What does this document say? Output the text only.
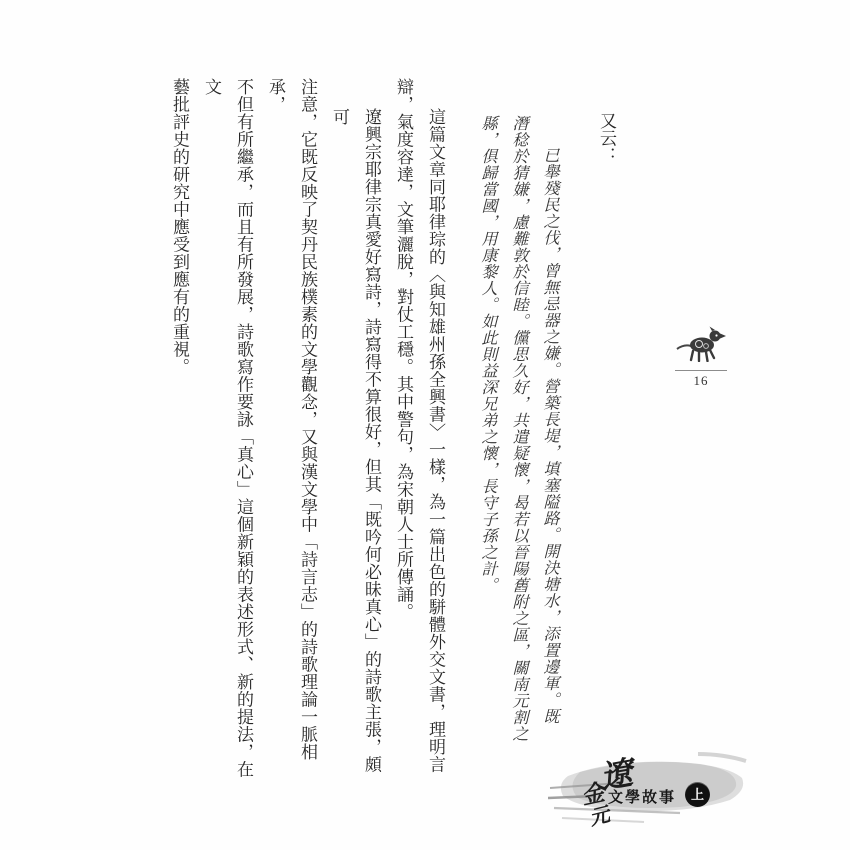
又云：
已舉殘民之伐，曾無忌器之嫌。營築長堤，填塞隘路。開決塘水，添置邊軍。既
潛稔於猜嫌，慮難敦於信睦。儻思久好，共遣疑懷，曷若以晉陽舊附之區，關南元割之
縣，俱歸當國，用康黎人。如此則益深兄弟之懷，長守子孫之計。
這篇文章同耶律琮的〈與知雄州孫全興書〉一樣，為一篇出色的駢體外交文書，理明言
辯，氣度容達，文筆灑脫，對仗工穩。其中警句，為宋朝人士所傳誦。
遼興宗耶律宗真愛好寫詩，詩寫得不算很好，但其「既吟何必昧真心」的詩歌主張，頗可
注意，它既反映了契丹民族樸素的文學觀念，又與漢文學中「詩言志」的詩歌理論一脈相承，
不但有所繼承，而且有所發展，詩歌寫作要詠「真心」這個新穎的表述形式、新的提法，在文
藝批評史的研究中應受到應有的重視。
16
遼
金
元
文學故事	上
